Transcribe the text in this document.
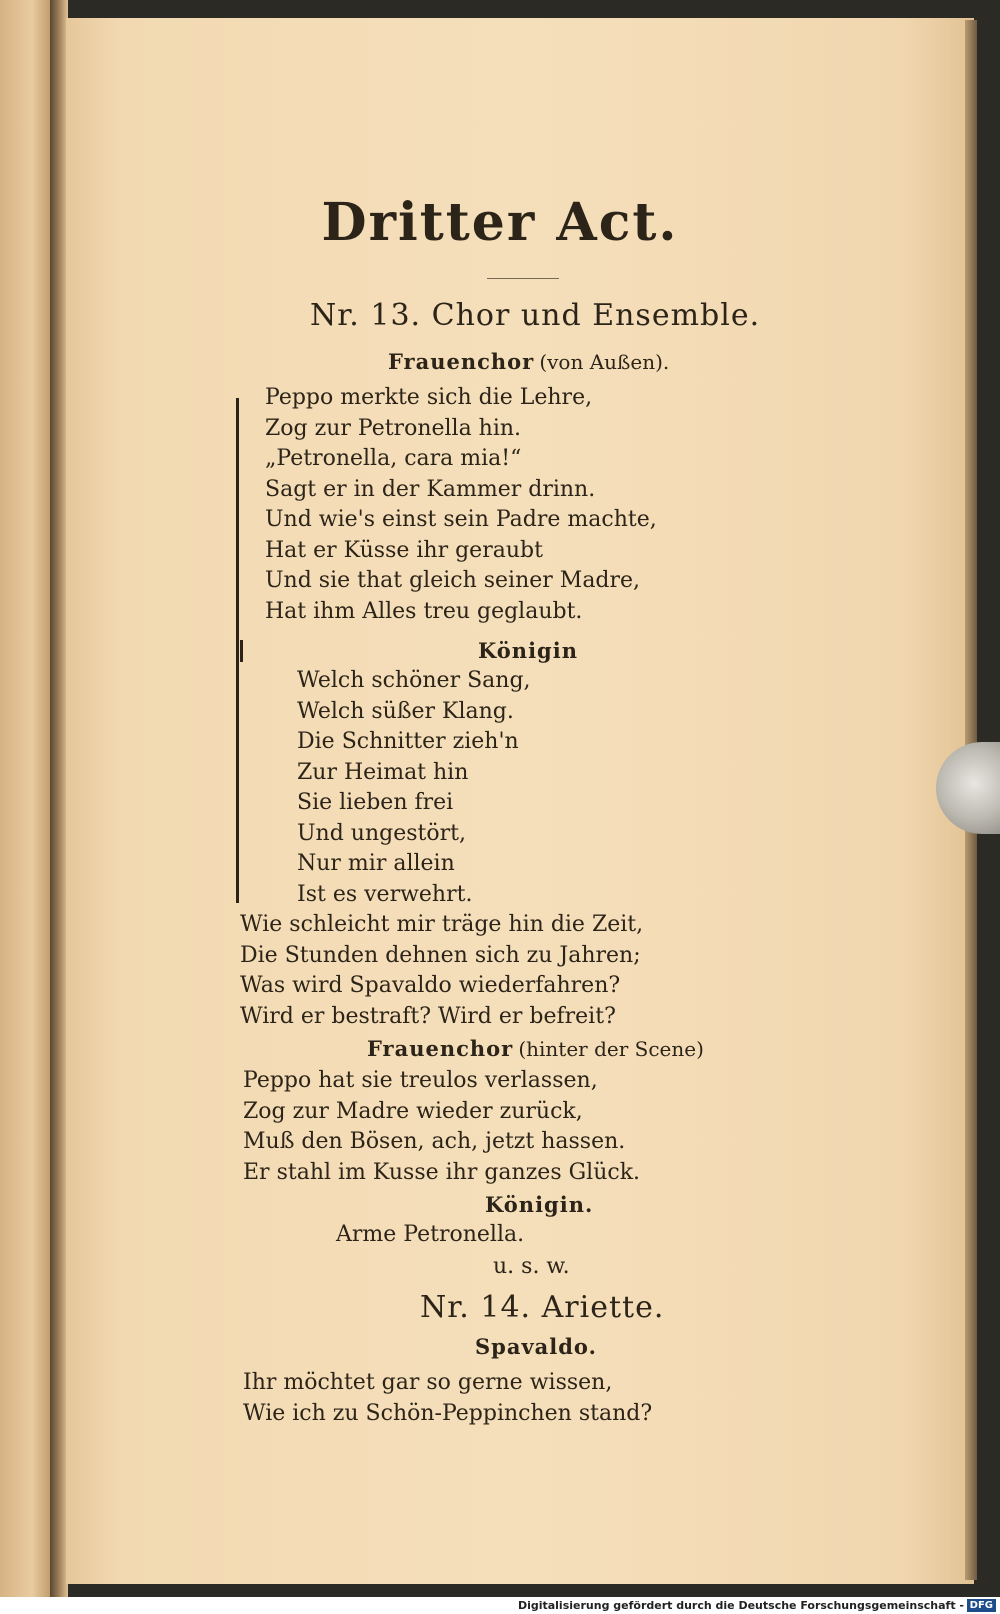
Dritter Act.
Nr. 13. Chor und Ensemble.
Frauenchor (von Außen).
Peppo merkte sich die Lehre,
Zog zur Petronella hin.
„Petronella, cara mia!“
Sagt er in der Kammer drinn.
Und wie's einst sein Padre machte,
Hat er Küsse ihr geraubt
Und sie that gleich seiner Madre,
Hat ihm Alles treu geglaubt.
Königin
Welch schöner Sang,
Welch süßer Klang.
Die Schnitter zieh'n
Zur Heimat hin
Sie lieben frei
Und ungestört,
Nur mir allein
Ist es verwehrt.
Wie schleicht mir träge hin die Zeit,
Die Stunden dehnen sich zu Jahren;
Was wird Spavaldo wiederfahren?
Wird er bestraft? Wird er befreit?
Frauenchor (hinter der Scene)
Peppo hat sie treulos verlassen,
Zog zur Madre wieder zurück,
Muß den Bösen, ach, jetzt hassen.
Er stahl im Kusse ihr ganzes Glück.
Königin.
Arme Petronella.
u. s. w.
Nr. 14. Ariette.
Spavaldo.
Ihr möchtet gar so gerne wissen,
Wie ich zu Schön-Peppinchen stand?
Digitalisierung gefördert durch die Deutsche Forschungsgemeinschaft - DFG
